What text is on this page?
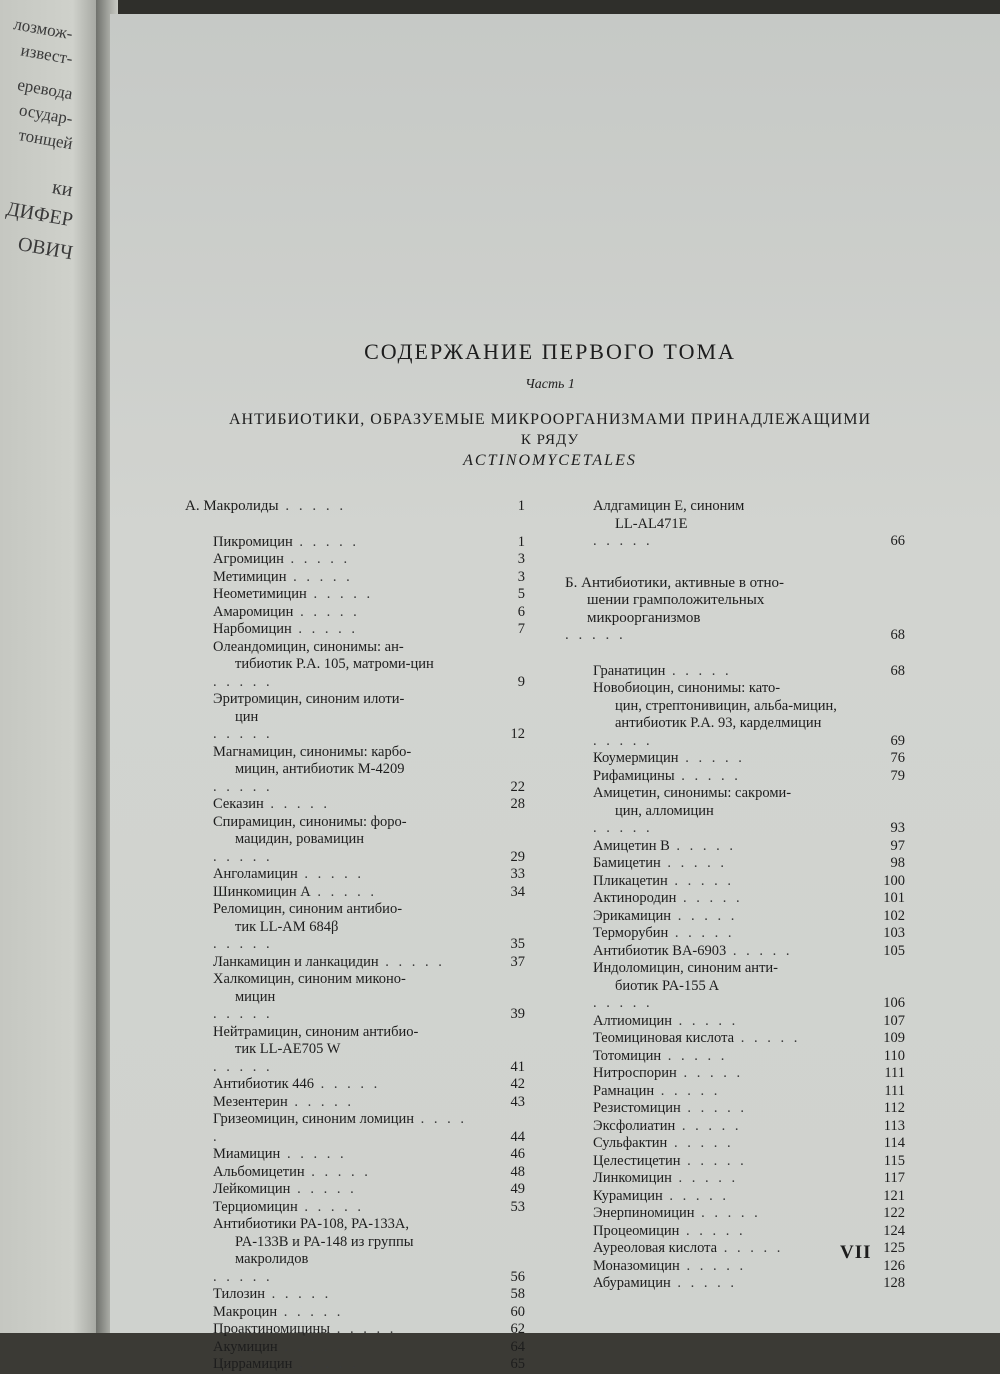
лозмож-
извест-
еревода
осудар-
тонщей
ки
ДИФЕР
ОВИЧ
СОДЕРЖАНИЕ ПЕРВОГО ТОМА
Часть 1
АНТИБИОТИКИ, ОБРАЗУЕМЫЕ МИКРООРГАНИЗМАМИ ПРИНАДЛЕЖАЩИМИ
К РЯДУ
ACTINOMYCETALES
А. Макролиды . . . . .	1
Пикромицин . . . . .	1
Агромицин . . . . .	3
Метимицин . . . . .	3
Неометимицин . . . . .	5
Амаромицин . . . . .	6
Нарбомицин . . . . .	7
Олеандомицин, синонимы: ан-
тибиотик P.A. 105, матроми-цин
. . . . .	9
Эритромицин, синоним илоти-
цин
. . . . .	12
Магнамицин, синонимы: карбо-
мицин, антибиотик M-4209
. . . . .	22
Секазин . . . . .	28
Спирамицин, синонимы: форо-
мацидин, ровамицин
. . . . .	29
Анголамицин . . . . .	33
Шинкомицин А . . . . .	34
Реломицин, синоним антибио-
тик LL-AM 684β
. . . . .	35
Ланкамицин и ланкацидин . . . . .	37
Халкомицин, синоним миконо-
мицин
. . . . .	39
Нейтрамицин, синоним антибио-
тик LL-AE705 W
. . . . .	41
Антибиотик 446 . . . . .	42
Мезентерин . . . . .	43
Гризеомицин, синоним ломицин . . . . .	44
Миамицин . . . . .	46
Альбомицетин . . . . .	48
Лейкомицин . . . . .	49
Терциомицин . . . . .	53
Антибиотики PA-108, PA-133A,
PA-133B и PA-148 из группы макролидов
. . . . .	56
Тилозин . . . . .	58
Макроцин . . . . .	60
Проактиномицины . . . . .	62
Акумицин . . . . .	64
Циррамицин . . . . .	65
Алдгамицин Е, синоним
LL-AL471E
. . . . .	66
Б. Антибиотики, активные в отно-
шении грамположительных микроорганизмов
. . . . .	68
Гранатицин . . . . .	68
Новобиоцин, синонимы: като-
цин, стрептонивицин, альба-мицин, антибиотик P.A. 93, карделмицин
. . . . .	69
Коумермицин . . . . .	76
Рифамицины . . . . .	79
Амицетин, синонимы: сакроми-
цин, алломицин
. . . . .	93
Амицетин В . . . . .	97
Бамицетин . . . . .	98
Пликацетин . . . . .	100
Актинородин . . . . .	101
Эрикамицин . . . . .	102
Терморубин . . . . .	103
Антибиотик BA-6903 . . . . .	105
Индоломицин, синоним анти-
биотик PA-155 A
. . . . .	106
Алтиомицин . . . . .	107
Теомициновая кислота . . . . .	109
Тотомицин . . . . .	110
Нитроспорин . . . . .	111
Рамнацин . . . . .	111
Резистомицин . . . . .	112
Эксфолиатин . . . . .	113
Сульфактин . . . . .	114
Целестицетин . . . . .	115
Линкомицин . . . . .	117
Курамицин . . . . .	121
Энерпиномицин . . . . .	122
Процеомицин . . . . .	124
Ауреоловая кислота . . . . .	125
Моназомицин . . . . .	126
Абурамицин . . . . .	128
VII
